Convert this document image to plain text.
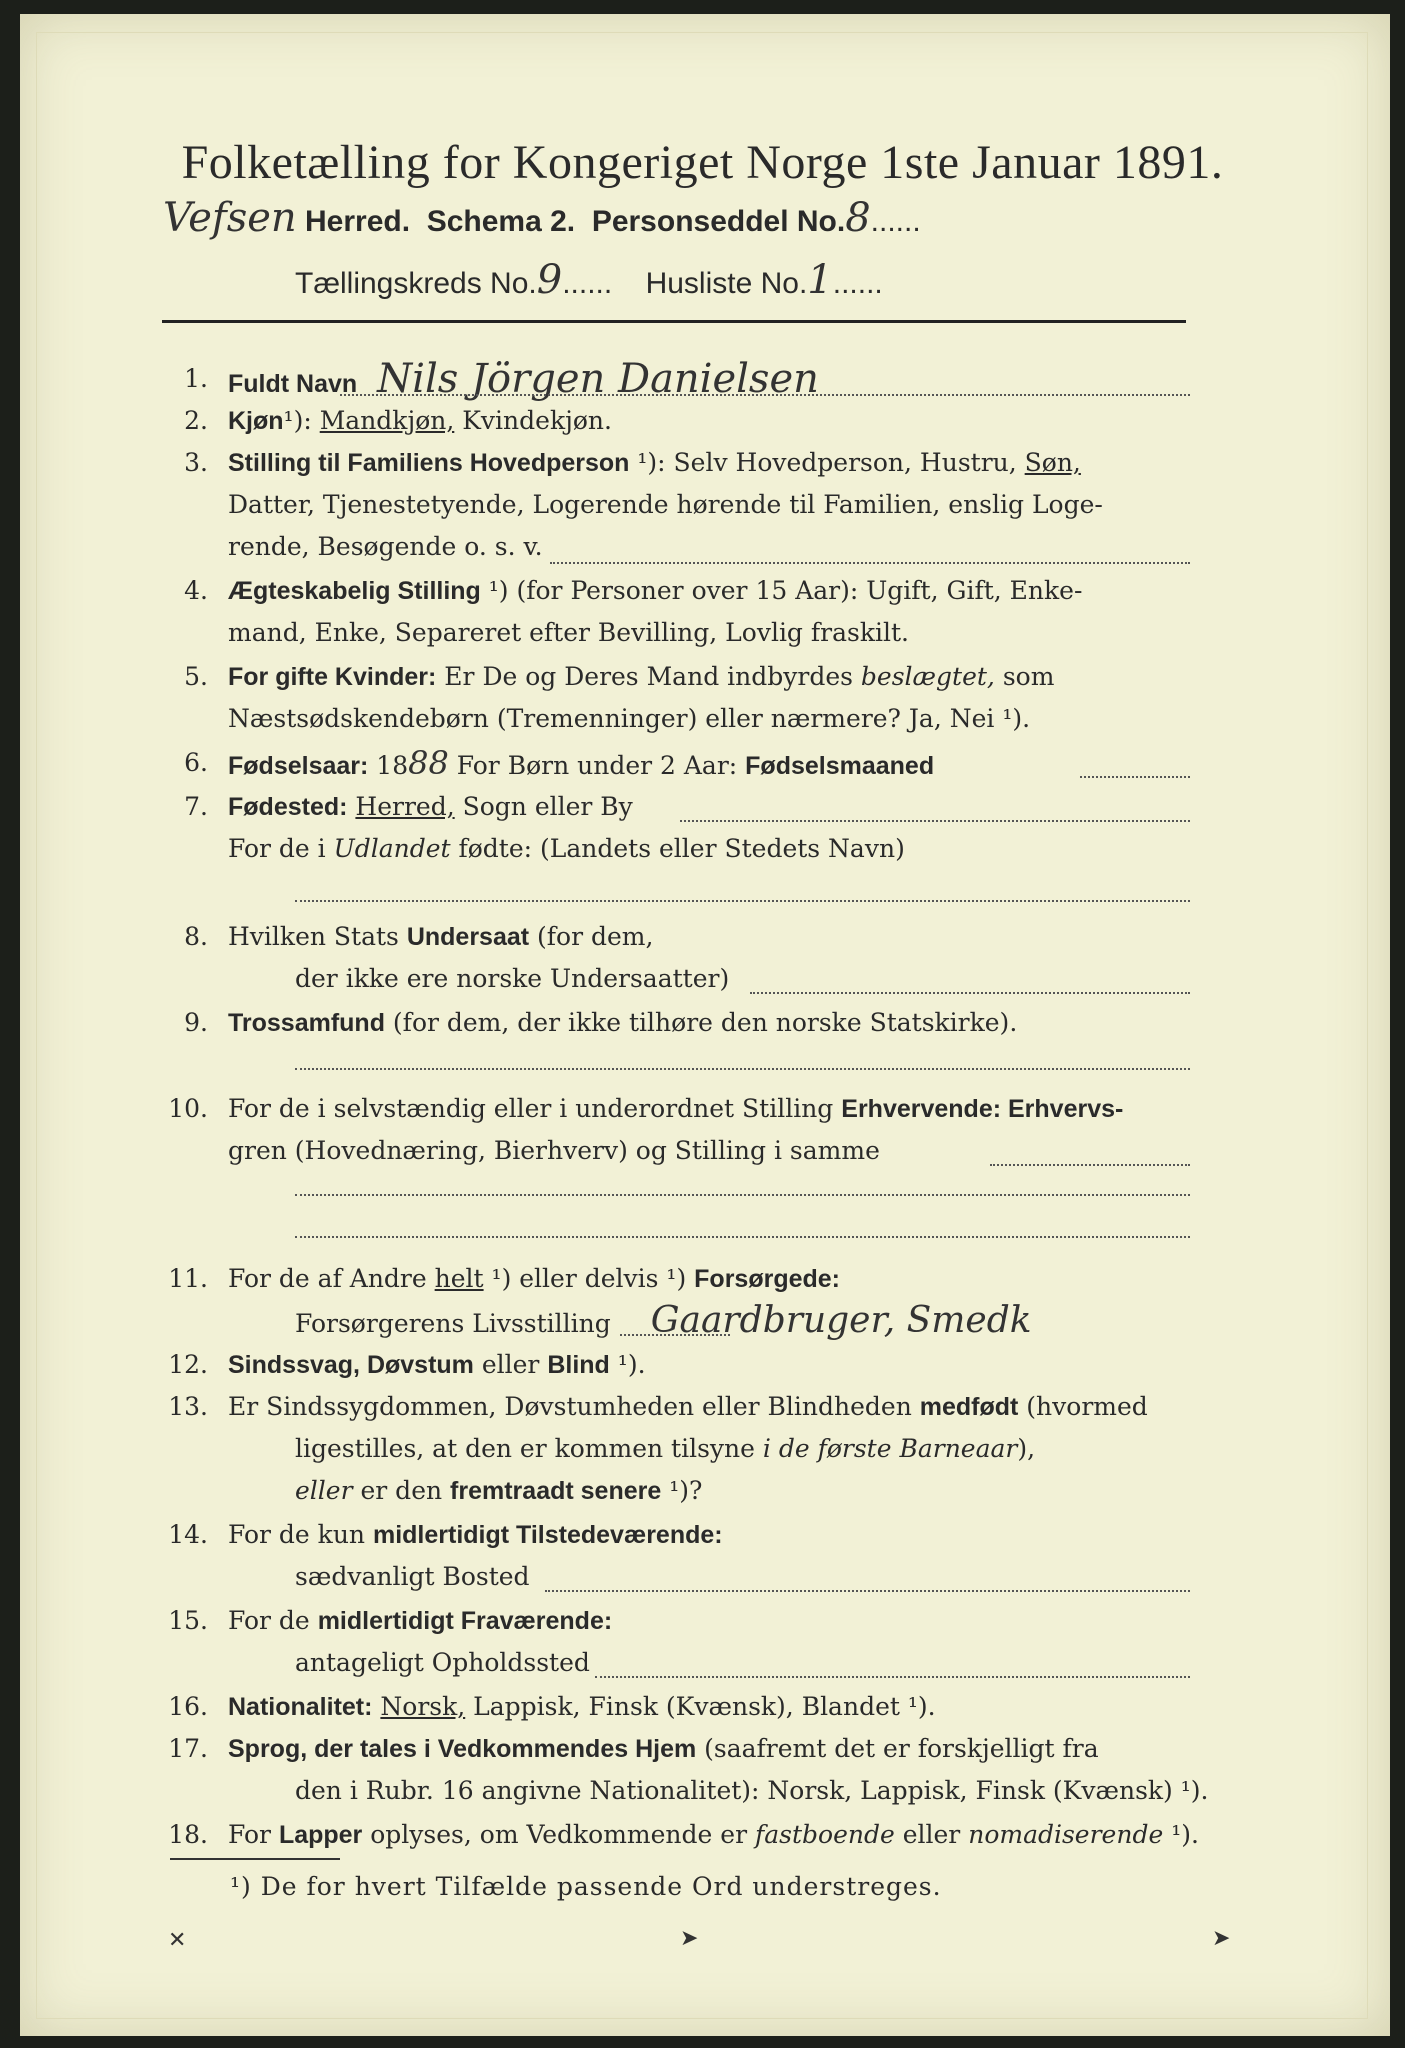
Folketælling for Kongeriget Norge 1ste Januar 1891.
Vefsen Herred. Schema 2. Personseddel No.8......
Tællingskreds No.9......    Husliste No.1......
1. Fuldt Navn Nils Jörgen Danielsen
2. Kjøn¹): Mandkjøn, Kvindekjøn.
3. Stilling til Familiens Hovedperson ¹): Selv Hovedperson, Hustru, Søn,
Datter, Tjenestetyende, Logerende hørende til Familien, enslig Loge-
rende, Besøgende o. s. v.
4. Ægteskabelig Stilling ¹) (for Personer over 15 Aar): Ugift, Gift, Enke-
mand, Enke, Separeret efter Bevilling, Lovlig fraskilt.
5. For gifte Kvinder: Er De og Deres Mand indbyrdes beslægtet, som
Næstsødskendebørn (Tremenninger) eller nærmere? Ja, Nei ¹).
6. Fødselsaar: 1888 For Børn under 2 Aar: Fødselsmaaned
7. Fødested: Herred, Sogn eller By
For de i Udlandet fødte: (Landets eller Stedets Navn)
8. Hvilken Stats Undersaat (for dem,
der ikke ere norske Undersaatter)
9. Trossamfund (for dem, der ikke tilhøre den norske Statskirke).
10. For de i selvstændig eller i underordnet Stilling Erhvervende: Erhvervs-
gren (Hovednæring, Bierhverv) og Stilling i samme
11. For de af Andre helt ¹) eller delvis ¹) Forsørgede:
Forsørgerens Livsstilling Gaardbruger, Smedk
12. Sindssvag, Døvstum eller Blind ¹).
13. Er Sindssygdommen, Døvstumheden eller Blindheden medfødt (hvormed
ligestilles, at den er kommen tilsyne i de første Barneaar),
eller er den fremtraadt senere ¹)?
14. For de kun midlertidigt Tilstedeværende:
sædvanligt Bosted
15. For de midlertidigt Fraværende:
antageligt Opholdssted
16. Nationalitet: Norsk, Lappisk, Finsk (Kvænsk), Blandet ¹).
17. Sprog, der tales i Vedkommendes Hjem (saafremt det er forskjelligt fra
den i Rubr. 16 angivne Nationalitet): Norsk, Lappisk, Finsk (Kvænsk) ¹).
18. For Lapper oplyses, om Vedkommende er fastboende eller nomadiserende ¹).
¹) De for hvert Tilfælde passende Ord understreges.
✕	➤	➤
